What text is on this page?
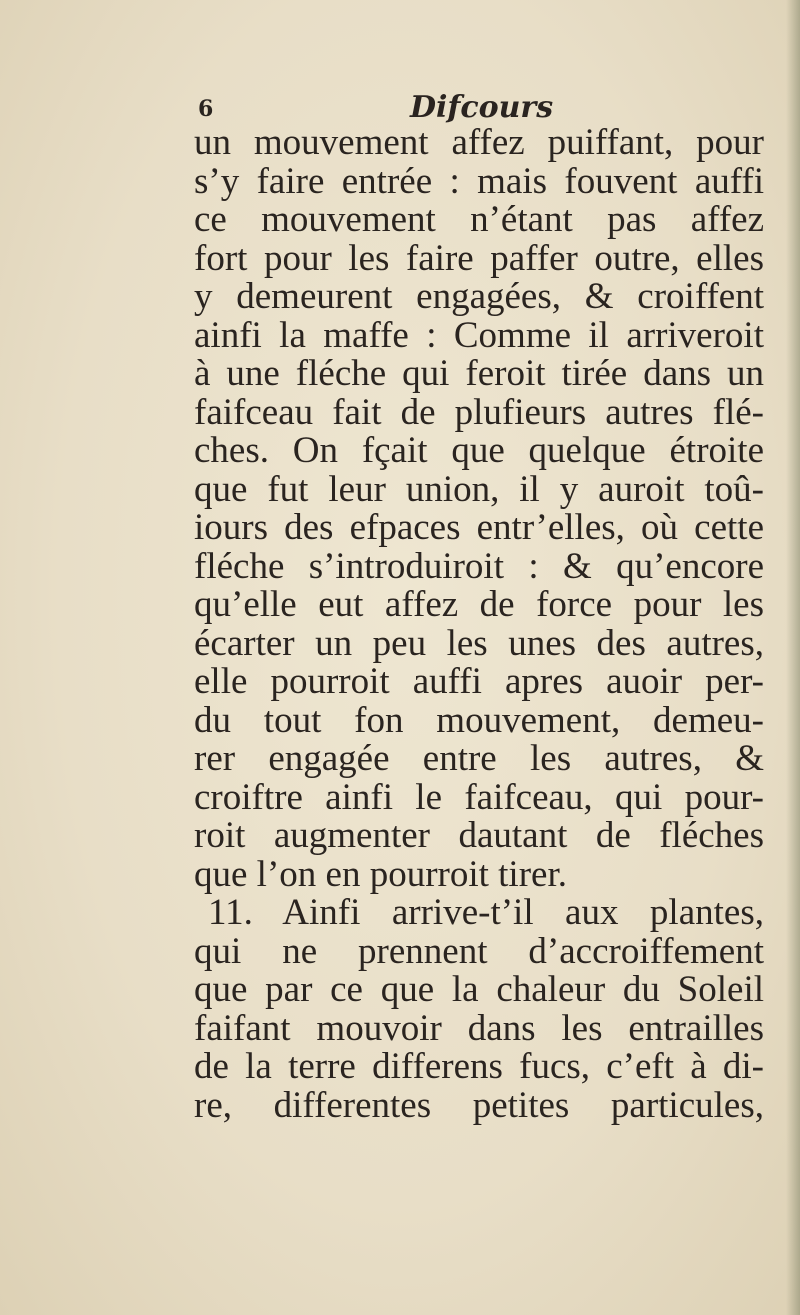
6	Difcours
un mouvement affez puiffant, pour
s’y faire entrée : mais fouvent auffi
ce mouvement n’étant pas affez
fort pour les faire paffer outre, elles
y demeurent engagées, & croiffent
ainfi la maffe : Comme il arriveroit
à une fléche qui feroit tirée dans un
faifceau fait de plufieurs autres flé-
ches. On fçait que quelque étroite
que fut leur union, il y auroit toû-
iours des efpaces entr’elles, où cette
fléche s’introduiroit : & qu’encore
qu’elle eut affez de force pour les
écarter un peu les unes des autres,
elle pourroit auffi apres auoir per-
du tout fon mouvement, demeu-
rer engagée entre les autres, &
croiftre ainfi le faifceau, qui pour-
roit augmenter dautant de fléches
que l’on en pourroit tirer.
11. Ainfi arrive-t’il aux plantes,
qui ne prennent d’accroiffement
que par ce que la chaleur du Soleil
faifant mouvoir dans les entrailles
de la terre differens fucs, c’eft à di-
re, differentes petites particules,
